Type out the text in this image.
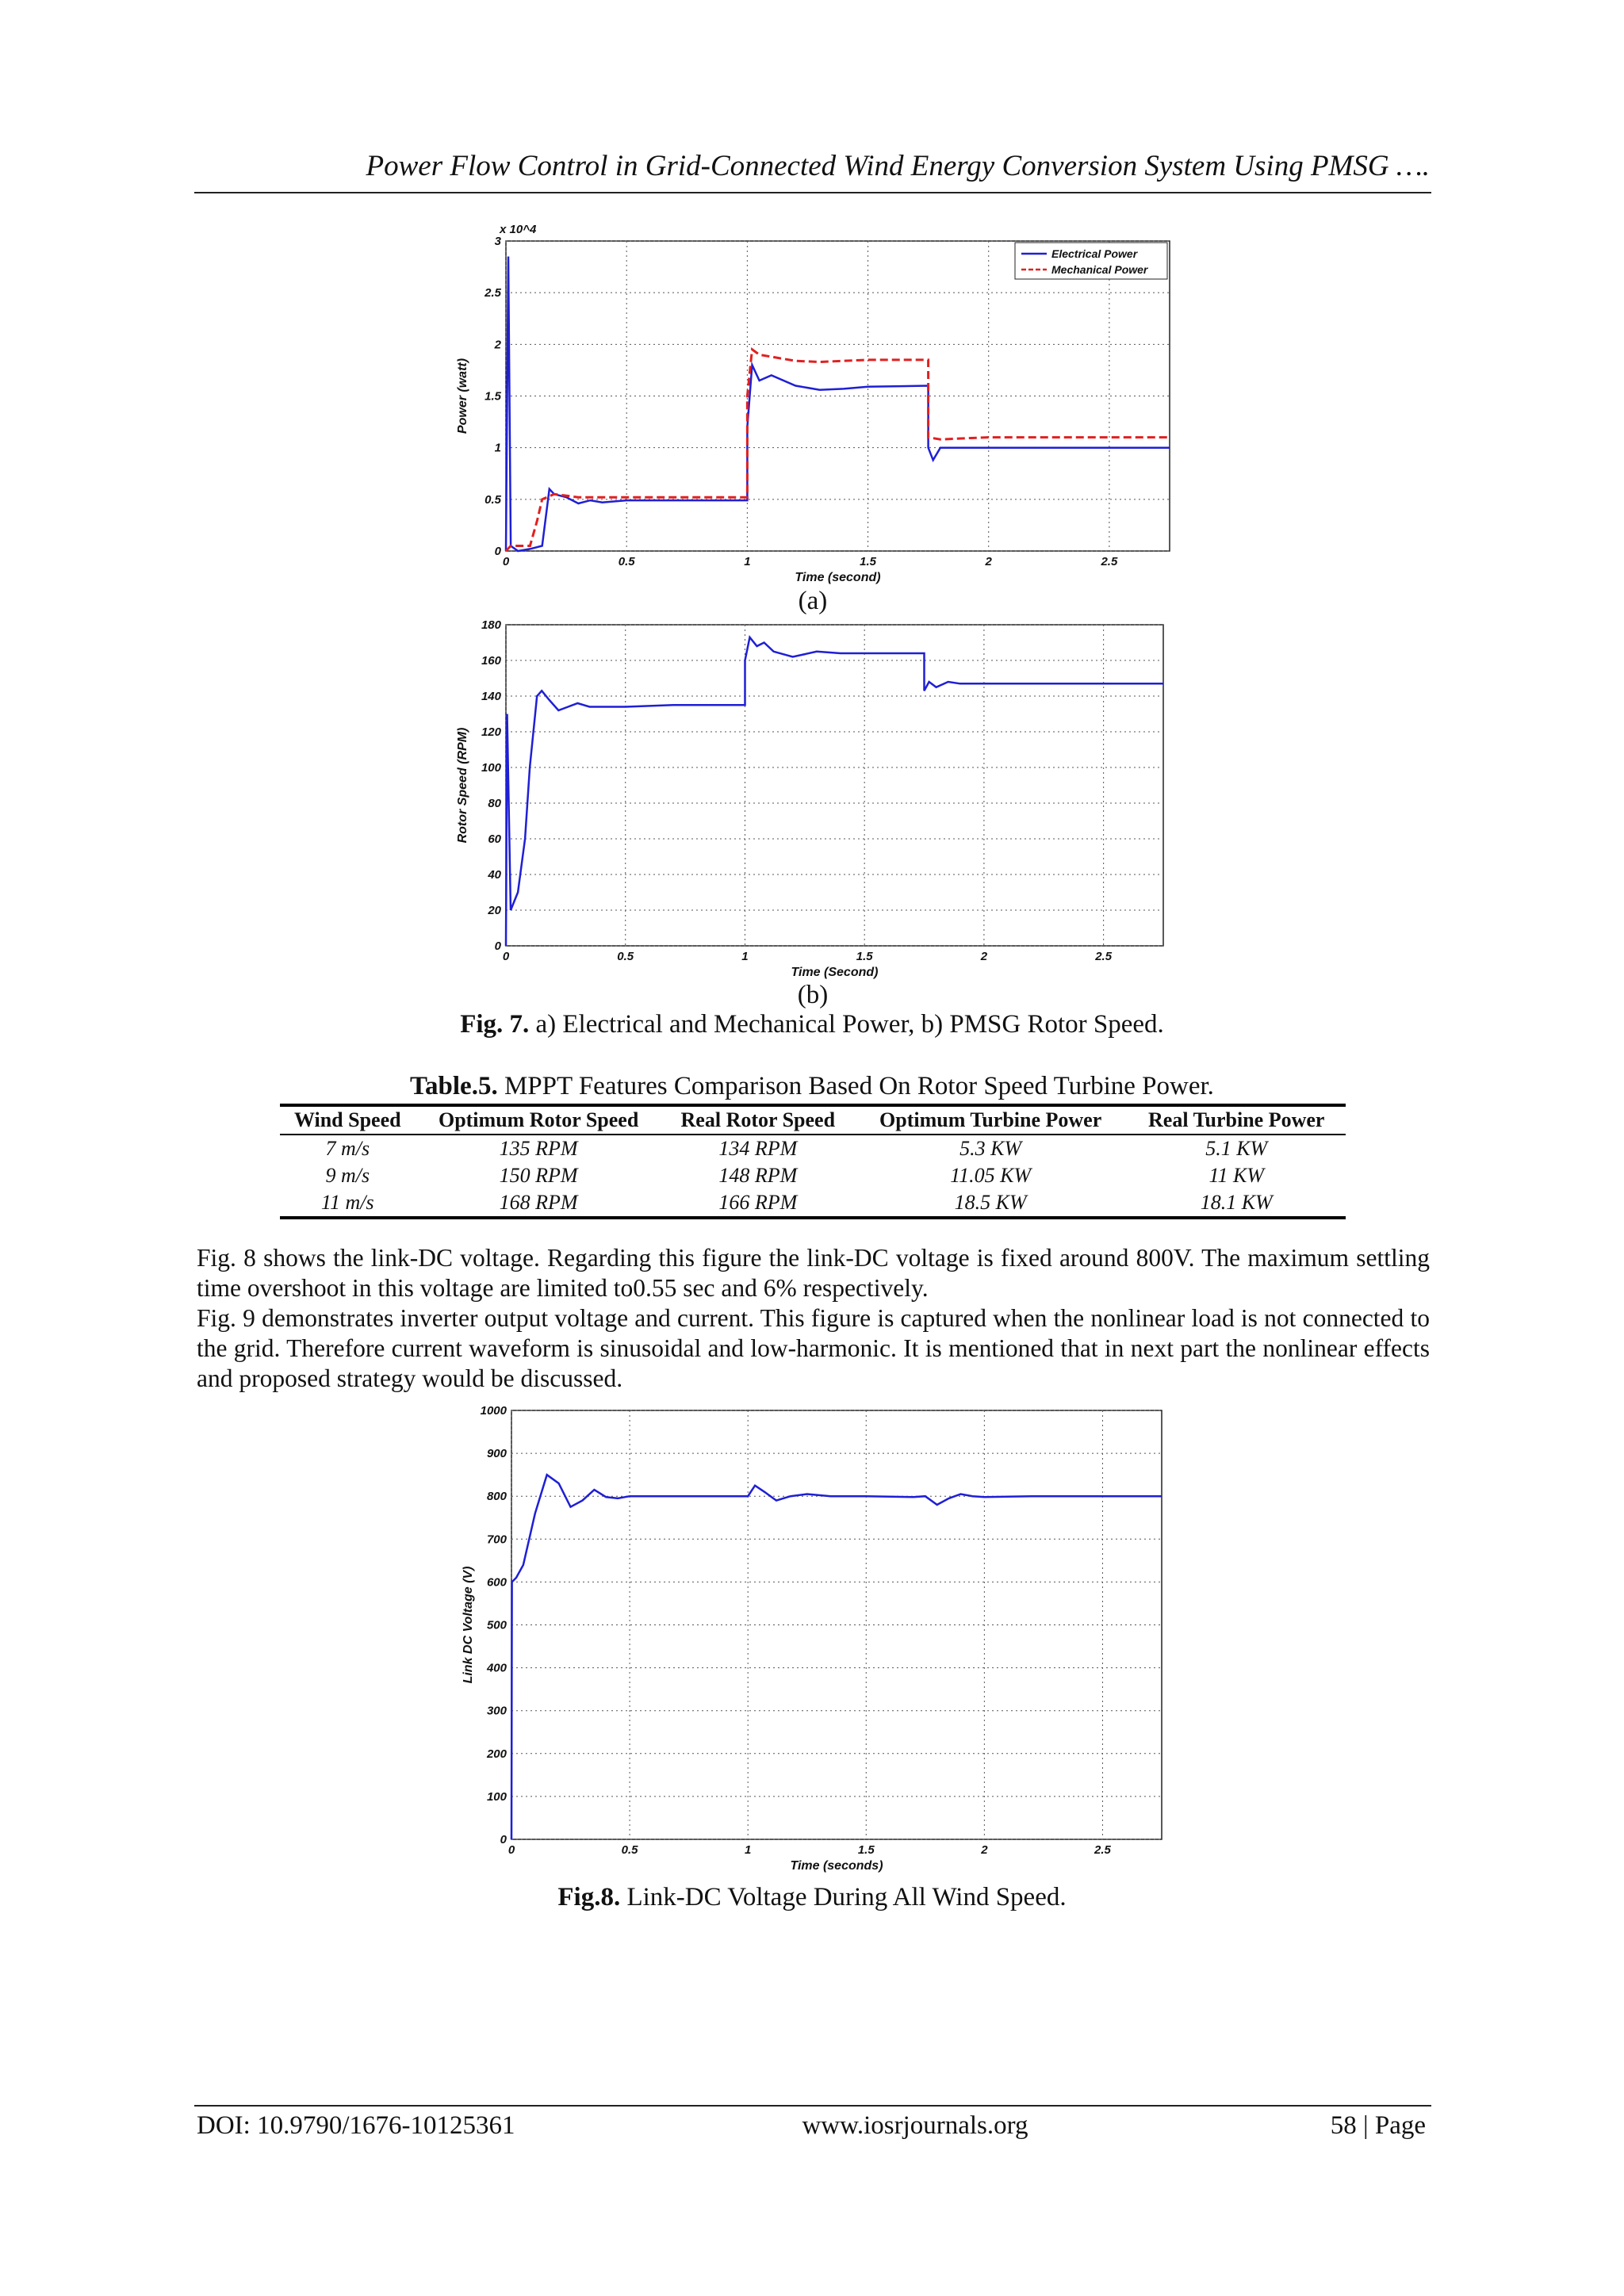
Power Flow Control in Grid-Connected Wind Energy Conversion System Using PMSG ….
0	0.5	1	1.5	2	2.5
0
0.5
1
1.5
2
2.5
3
Time (second)
Power (watt)
x 10^4
Electrical Power
Mechanical Power
(a)
0	0.5	1	1.5	2	2.5
0
20
40
60
80
100
120
140
160
180
Time (Second)
Rotor Speed (RPM)
(b)
Fig. 7. a) Electrical and Mechanical Power, b) PMSG Rotor Speed.
Table.5. MPPT Features Comparison Based On Rotor Speed Turbine Power.
Wind Speed	Optimum Rotor Speed	Real Rotor Speed	Optimum Turbine Power	Real Turbine Power
7 m/s	135 RPM	134 RPM	5.3 KW	5.1 KW
9 m/s	150 RPM	148 RPM	11.05 KW	11 KW
11 m/s	168 RPM	166 RPM	18.5 KW	18.1 KW
Fig. 8 shows the link-DC voltage. Regarding this figure the link-DC voltage is fixed around 800V. The maximum settling time overshoot in this voltage are limited to0.55 sec and 6% respectively.
Fig. 9 demonstrates inverter output voltage and current. This figure is captured when the nonlinear load is not connected to the grid. Therefore current waveform is sinusoidal and low-harmonic. It is mentioned that in next part the nonlinear effects and proposed strategy would be discussed.
0	0.5	1	1.5	2	2.5
0
100
200
300
400
500
600
700
800
900
1000
Time (seconds)
Link DC Voltage (V)
Fig.8. Link-DC Voltage During All Wind Speed.
DOI: 10.9790/1676-10125361	www.iosrjournals.org	58 | Page
